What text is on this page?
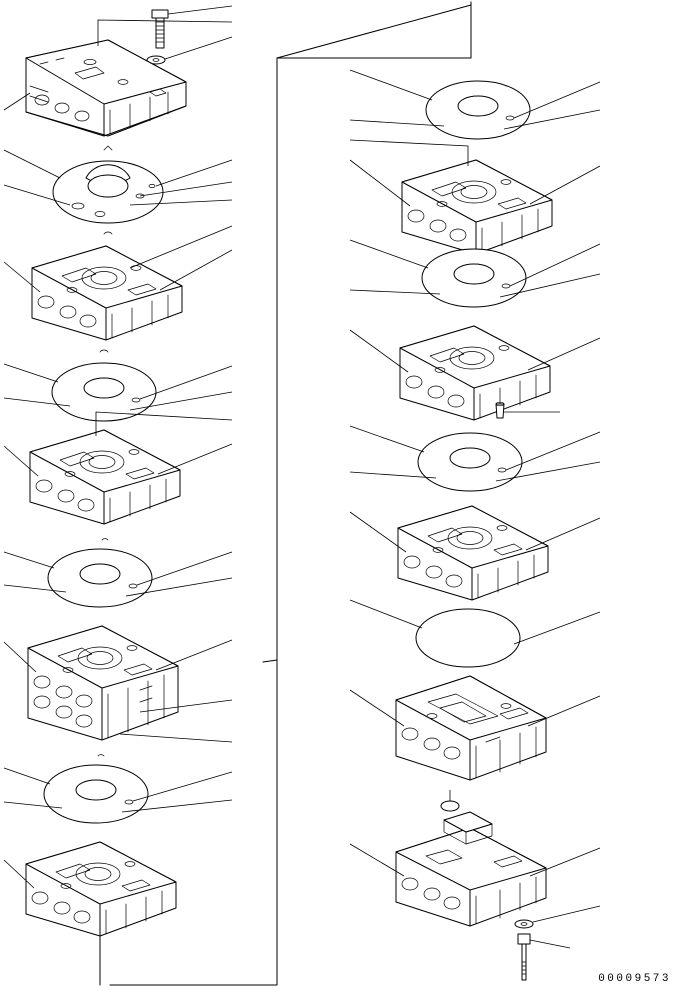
00009573
